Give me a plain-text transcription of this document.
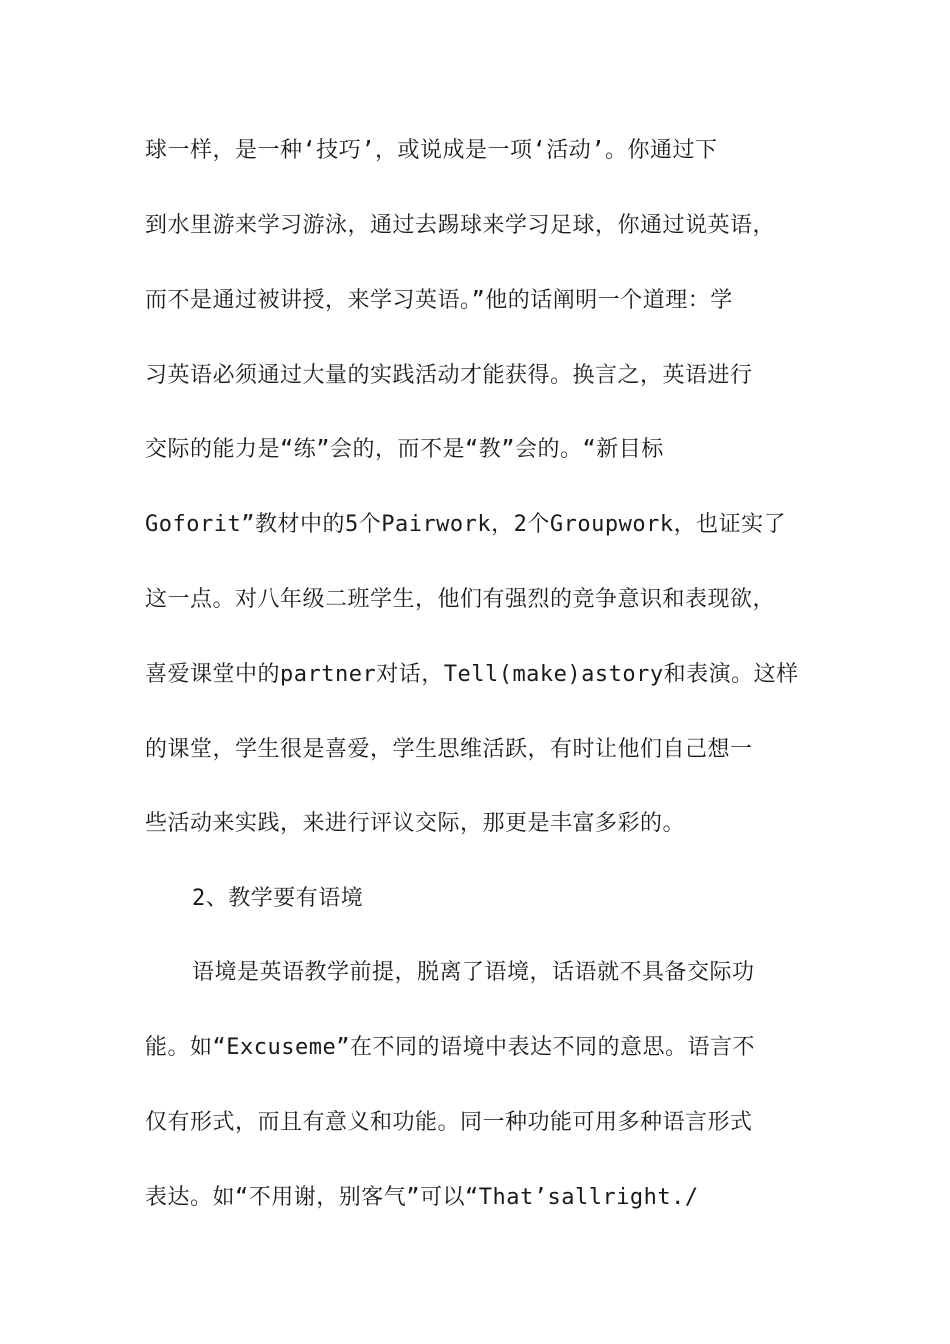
球一样，是一种‘技巧’，或说成是一项‘活动’。你通过下
到水里游来学习游泳，通过去踢球来学习足球，你通过说英语，
而不是通过被讲授，来学习英语。”他的话阐明一个道理：学
习英语必须通过大量的实践活动才能获得。换言之，英语进行
交际的能力是“练”会的，而不是“教”会的。“新目标
Goforit”教材中的5个Pairwork，2个Groupwork，也证实了
这一点。对八年级二班学生，他们有强烈的竞争意识和表现欲，
喜爱课堂中的partner对话，Tell(make)astory和表演。这样
的课堂，学生很是喜爱，学生思维活跃，有时让他们自己想一
些活动来实践，来进行评议交际，那更是丰富多彩的。
2、教学要有语境
语境是英语教学前提，脱离了语境，话语就不具备交际功
能。如“Excuseme”在不同的语境中表达不同的意思。语言不
仅有形式，而且有意义和功能。同一种功能可用多种语言形式
表达。如“不用谢，别客气”可以“That’sallright./
